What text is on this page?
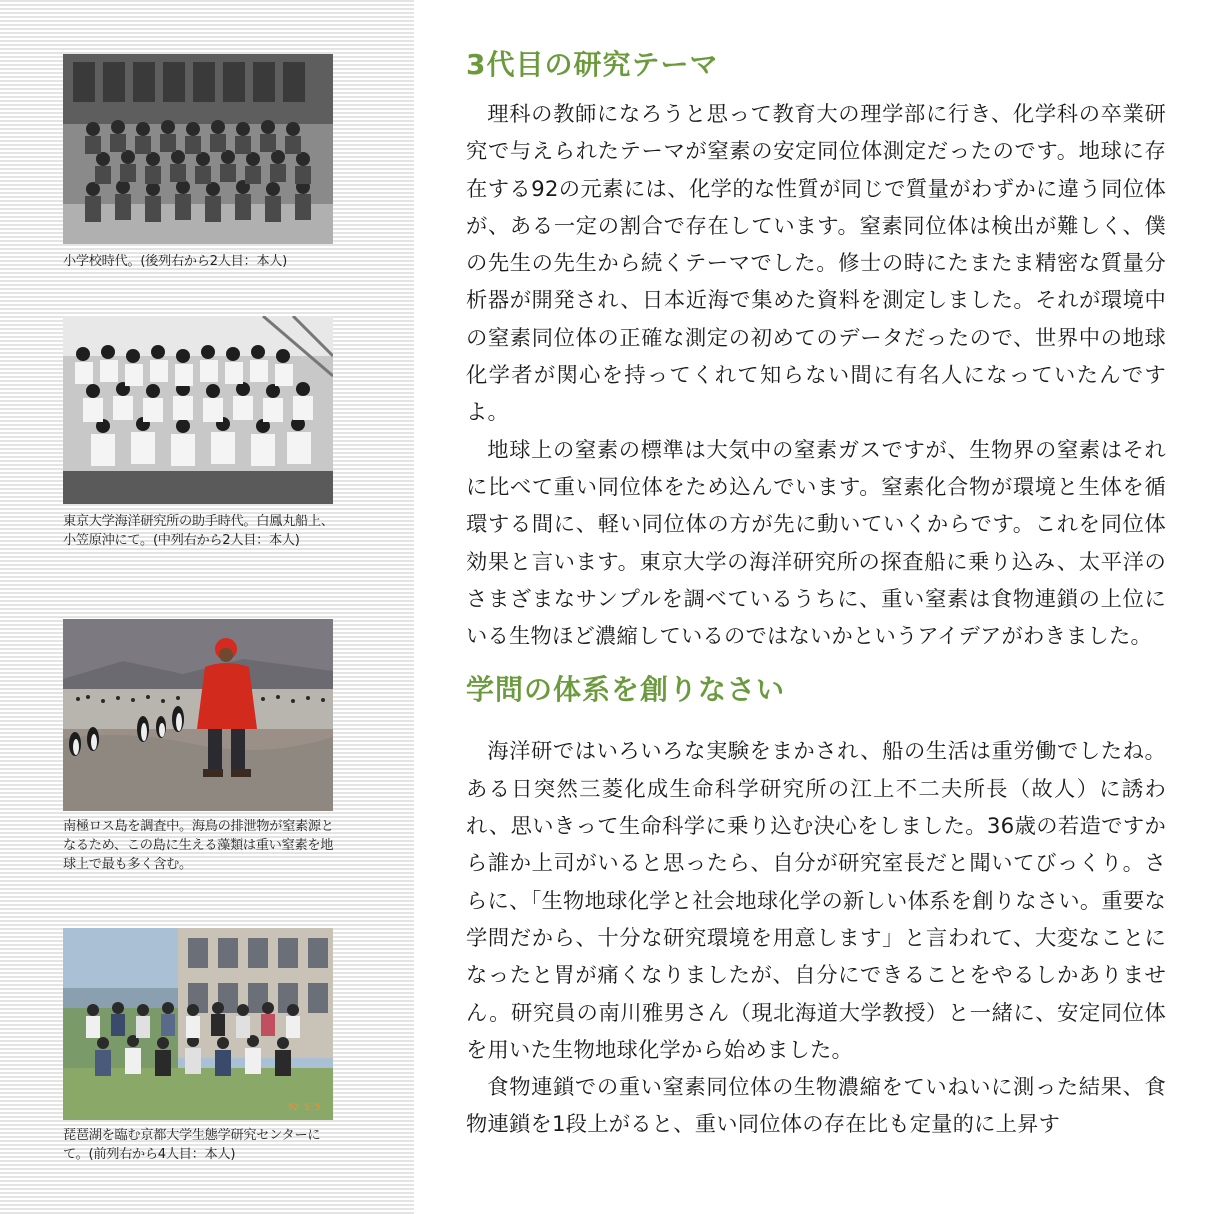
小学校時代。(後列右から2人目：本人)
東京大学海洋研究所の助手時代。白鳳丸船上、小笠原沖にて。(中列右から2人目：本人)
南極ロス島を調査中。海鳥の排泄物が窒素源となるため、この島に生える藻類は重い窒素を地球上で最も多く含む。
92 5 5
琵琶湖を臨む京都大学生態学研究センターにて。(前列右から4人目：本人)
3代目の研究テーマ

理科の教師になろうと思って教育大の理学部に行き、化学科の卒業研究で与えられたテーマが窒素の安定同位体測定だったのです。地球に存在する92の元素には、化学的な性質が同じで質量がわずかに違う同位体が、ある一定の割合で存在しています。窒素同位体は検出が難しく、僕の先生の先生から続くテーマでした。修士の時にたまたま精密な質量分析器が開発され、日本近海で集めた資料を測定しました。それが環境中の窒素同位体の正確な測定の初めてのデータだったので、世界中の地球化学者が関心を持ってくれて知らない間に有名人になっていたんですよ。

地球上の窒素の標準は大気中の窒素ガスですが、生物界の窒素はそれに比べて重い同位体をため込んでいます。窒素化合物が環境と生体を循環する間に、軽い同位体の方が先に動いていくからです。これを同位体効果と言います。東京大学の海洋研究所の探査船に乗り込み、太平洋のさまざまなサンプルを調べているうちに、重い窒素は食物連鎖の上位にいる生物ほど濃縮しているのではないかというアイデアがわきました。

学問の体系を創りなさい

海洋研ではいろいろな実験をまかされ、船の生活は重労働でしたね。ある日突然三菱化成生命科学研究所の江上不二夫所長（故人）に誘われ、思いきって生命科学に乗り込む決心をしました。36歳の若造ですから誰か上司がいると思ったら、自分が研究室長だと聞いてびっくり。さらに、「生物地球化学と社会地球化学の新しい体系を創りなさい。重要な学問だから、十分な研究環境を用意します」と言われて、大変なことになったと胃が痛くなりましたが、自分にできることをやるしかありません。研究員の南川雅男さん（現北海道大学教授）と一緒に、安定同位体を用いた生物地球化学から始めました。

食物連鎖での重い窒素同位体の生物濃縮をていねいに測った結果、食物連鎖を1段上がると、重い同位体の存在比も定量的に上昇す
